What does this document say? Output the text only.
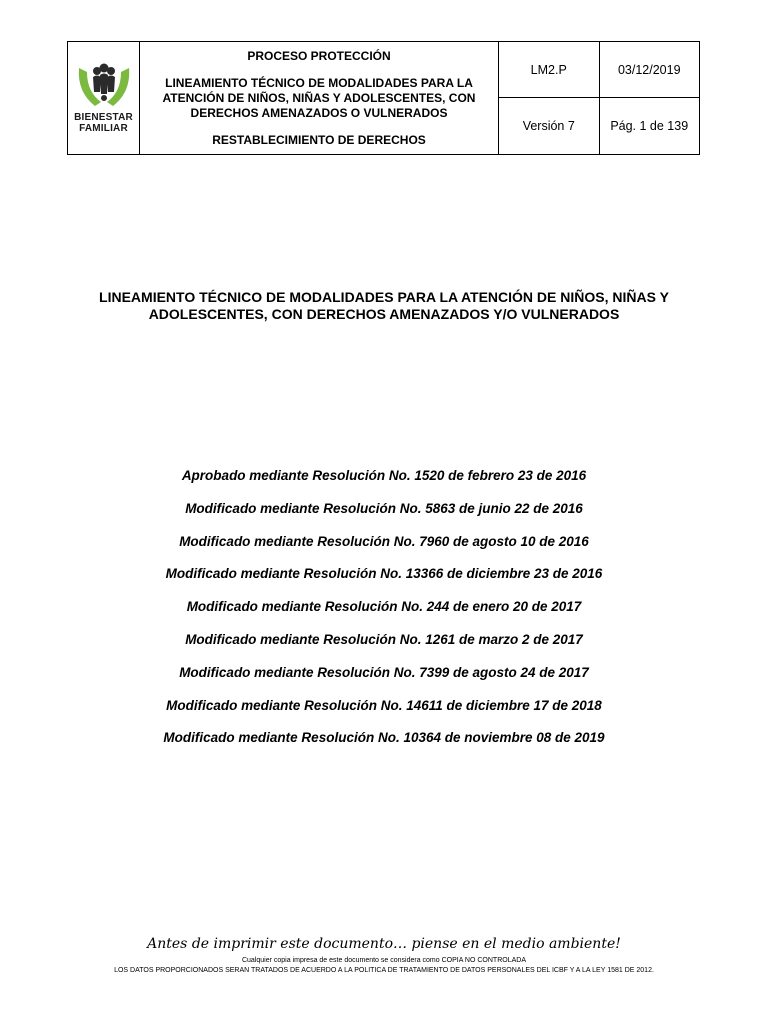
BIENESTAR
FAMILIAR	PROCESO PROTECCIÓN
LINEAMIENTO TÉCNICO DE MODALIDADES PARA LA ATENCIÓN DE NIÑOS, NIÑAS Y ADOLESCENTES, CON DERECHOS AMENAZADOS O VULNERADOS
RESTABLECIMIENTO DE DERECHOS	LM2.P	03/12/2019
		Versión 7	Pág. 1 de 139
LINEAMIENTO TÉCNICO DE MODALIDADES PARA LA ATENCIÓN DE NIÑOS, NIÑAS Y ADOLESCENTES, CON DERECHOS AMENAZADOS Y/O VULNERADOS
Aprobado mediante Resolución No. 1520 de febrero 23 de 2016
Modificado mediante Resolución No. 5863 de junio 22 de 2016
Modificado mediante Resolución No. 7960 de agosto 10 de 2016
Modificado mediante Resolución No. 13366 de diciembre 23 de 2016
Modificado mediante Resolución No. 244 de enero 20 de 2017
Modificado mediante Resolución No. 1261 de marzo 2 de 2017
Modificado mediante Resolución No. 7399 de agosto 24 de 2017
Modificado mediante Resolución No. 14611 de diciembre 17 de 2018
Modificado mediante Resolución No. 10364 de noviembre 08 de 2019
Antes de imprimir este documento… piense en el medio ambiente!
Cualquier copia impresa de este documento se considera como COPIA NO CONTROLADA
LOS DATOS PROPORCIONADOS SERAN TRATADOS DE ACUERDO A LA POLITICA DE TRATAMIENTO DE DATOS PERSONALES DEL ICBF Y A LA LEY 1581 DE 2012.
